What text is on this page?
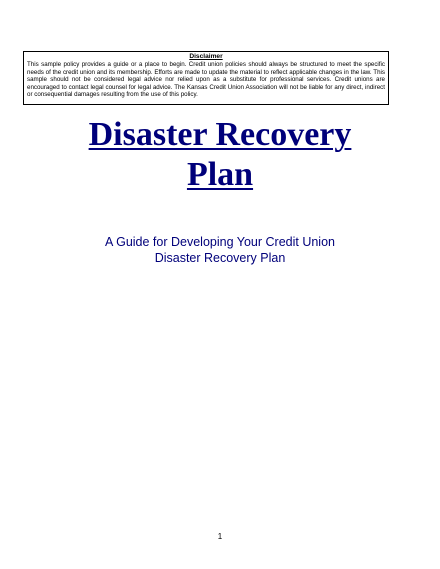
Disclaimer
This sample policy provides a guide or a place to begin. Credit union policies should always be structured to meet the specific needs of the credit union and its membership. Efforts are made to update the material to reflect applicable changes in the law. This sample should not be considered legal advice nor relied upon as a substitute for professional services. Credit unions are encouraged to contact legal counsel for legal advice. The Kansas Credit Union Association will not be liable for any direct, indirect or consequential damages resulting from the use of this policy.
Disaster Recovery
Plan
A Guide for Developing Your Credit Union
Disaster Recovery Plan
1
